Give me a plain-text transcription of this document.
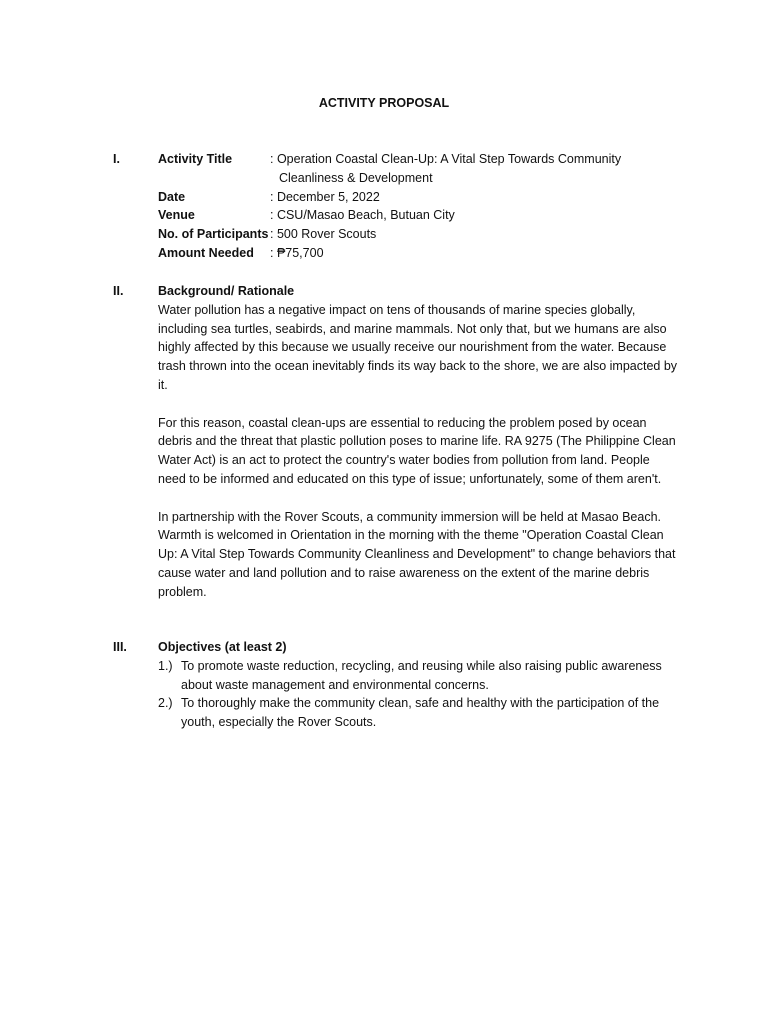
ACTIVITY PROPOSAL
I.	Activity Title	: Operation Coastal Clean-Up: A Vital Step Towards Community
Cleanliness & Development
Date	: December 5, 2022
Venue	: CSU/Masao Beach, Butuan City
No. of Participants : 500 Rover Scouts
Amount Needed : ₱75,700
II.	Background/ Rationale

Water pollution has a negative impact on tens of thousands of marine species globally, including sea turtles, seabirds, and marine mammals. Not only that, but we humans are also highly affected by this because we usually receive our nourishment from the water. Because trash thrown into the ocean inevitably finds its way back to the shore, we are also impacted by it.

For this reason, coastal clean-ups are essential to reducing the problem posed by ocean debris and the threat that plastic pollution poses to marine life. RA 9275 (The Philippine Clean Water Act) is an act to protect the country's water bodies from pollution from land. People need to be informed and educated on this type of issue; unfortunately, some of them aren't.

In partnership with the Rover Scouts, a community immersion will be held at Masao Beach. Warmth is welcomed in Orientation in the morning with the theme "Operation Coastal Clean Up: A Vital Step Towards Community Cleanliness and Development" to change behaviors that cause water and land pollution and to raise awareness on the extent of the marine debris problem.

III. Objectives (at least 2)
1.) To promote waste reduction, recycling, and reusing while also raising public awareness about waste management and environmental concerns.
2.) To thoroughly make the community clean, safe and healthy with the participation of the youth, especially the Rover Scouts.
